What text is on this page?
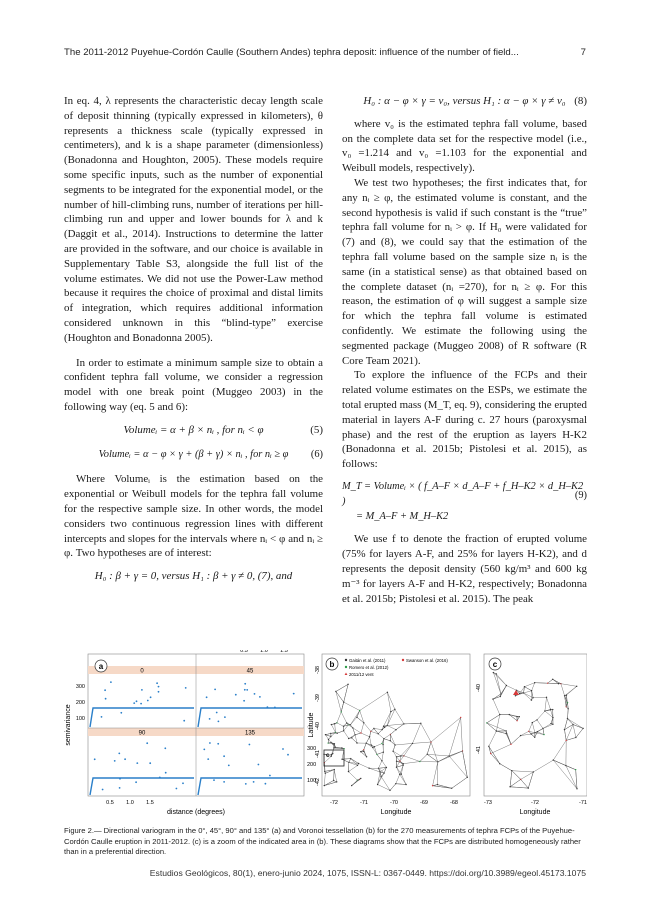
The 2011-2012 Puyehue-Cordón Caulle (Southern Andes) tephra deposit: influence of the number of field...	7

In eq. 4, λ represents the characteristic decay length scale of deposit thinning (typically expressed in kilometers), θ represents a thickness scale (typically expressed in centimeters), and k is a shape parameter (dimensionless) (Bonadonna and Houghton, 2005). These models require some specific inputs, such as the number of exponential segments to be integrated for the exponential model, or the number of hill-climbing runs, number of iterations per hill-climbing run and upper and lower bounds for λ and k (Daggit et al., 2014). Instructions to determine the latter are provided in the software, and our choice is available in Supplementary Table S3, alongside the full list of the volume estimates. We did not use the Power-Law method because it requires the choice of proximal and distal limits of integration, which requires additional information considered unknown in this “blind-type” exercise (Houghton and Bonadonna 2005).

In order to estimate a minimum sample size to obtain a confident tephra fall volume, we consider a regression model with one break point (Muggeo 2003) in the following way (eq. 5 and 6):

Volumeᵢ = α + β × nᵢ , for nᵢ < φ	(5)
Volumeᵢ = α − φ × γ + (β + γ) × nᵢ , for nᵢ ≥ φ (6)

Where Volumeᵢ is the estimation based on the exponential or Weibull models for the tephra fall volume for the respective sample size. In other words, the model considers two continuous regression lines with different intercepts and slopes for the intervals where nᵢ < φ and nᵢ ≥ φ. Two hypotheses are of interest:

H₀ : β + γ = 0, versus H₁ : β + γ ≠ 0, (7), and
H₀ : α − φ × γ = v₀, versus H₁ : α − φ × γ ≠ v₀ (8)

where v₀ is the estimated tephra fall volume, based on the complete data set for the respective model (i.e., v₀ =1.214 and v₀ =1.103 for the exponential and Weibull models, respectively).

We test two hypotheses; the first indicates that, for any nᵢ ≥ φ, the estimated volume is constant, and the second hypothesis is valid if such constant is the “true” tephra fall volume for nᵢ > φ. If H₀ were validated for (7) and (8), we could say that the estimation of the tephra fall volume based on the sample size nᵢ is the same (in a statistical sense) as that obtained based on the complete dataset (nᵢ =270), for nᵢ ≥ φ. For this reason, the estimation of φ will suggest a sample size for which the tephra fall volume is estimated confidently. We estimate the following using the segmented package (Muggeo 2008) of R software (R Core Team 2021).

To explore the influence of the FCPs and their related volume estimates on the ESPs, we estimate the total erupted mass (M_T, eq. 9), considering the erupted material in layers A-F during c. 27 hours (paroxysmal phase) and the rest of the eruption as layers H-K2 (Bonadonna et al. 2015b; Pistolesi et al. 2015), as follows:

M_T = Volumeᵢ × ( f_A–F × d_A–F + f_H–K2 × d_H–K2 )
= M_A–F + M_H–K2
(9)

We use f to denote the fraction of erupted volume (75% for layers A-F, and 25% for layers H-K2), and d represents the deposit density (560 kg/m³ and 600 kg m⁻³ for layers A-F and H-K2, respectively; Bonadonna et al. 2015b; Pistolesi et al. 2015). The peak

0	45
90	135
a
0.5 1.0 1.5
300
200
100
300
200
100
0.5 1.0 1.5
distance (degrees)
semivariance
b	Gaitán et al. (2011)	Swanson et al. (2016)
Romero et al. (2012)
2011/12 vent
c
-72	-71	-70	-69	-68
-38
-39
-40
-41
-42
Longitude
Latitude
c
-73	-72	-71
-40
-41
Longitude
Figure 2.— Directional variogram in the 0°, 45°, 90° and 135° (a) and Voronoi tessellation (b) for the 270 measurements of tephra FCPs of the Puyehue-Cordón Caulle eruption in 2011-2012. (c) is a zoom of the indicated area in (b). These diagrams show that the FCPs are distributed homogeneously rather than in a preferential direction.
Estudios Geológicos, 80(1), enero-junio 2024, 1075, ISSN-L: 0367-0449. https://doi.org/10.3989/egeol.45173.1075
